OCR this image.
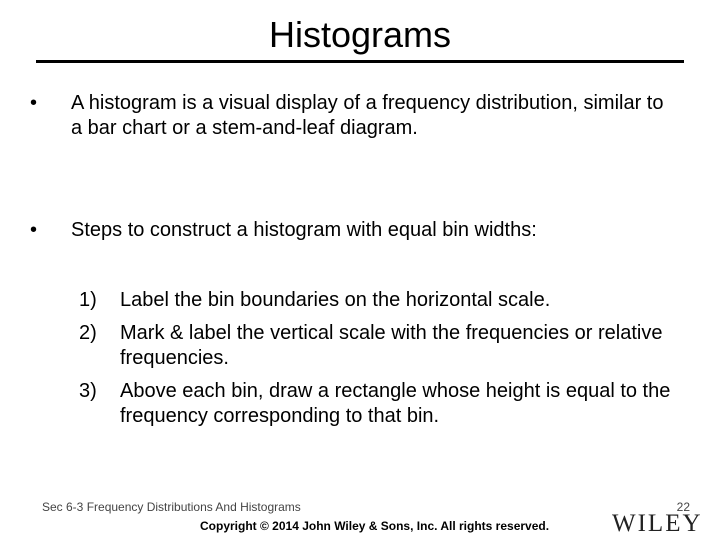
Histograms
• A histogram is a visual display of a frequency distribution, similar to a bar chart or a stem-and-leaf diagram.
• Steps to construct a histogram with equal bin widths:
1) Label the bin boundaries on the horizontal scale.
2) Mark & label the vertical scale with the frequencies or relative frequencies.
3) Above each bin, draw a rectangle whose height is equal to the frequency corresponding to that bin.
Sec 6-3 Frequency Distributions And Histograms	22
Copyright © 2014 John Wiley & Sons, Inc. All rights reserved.	WILEY
